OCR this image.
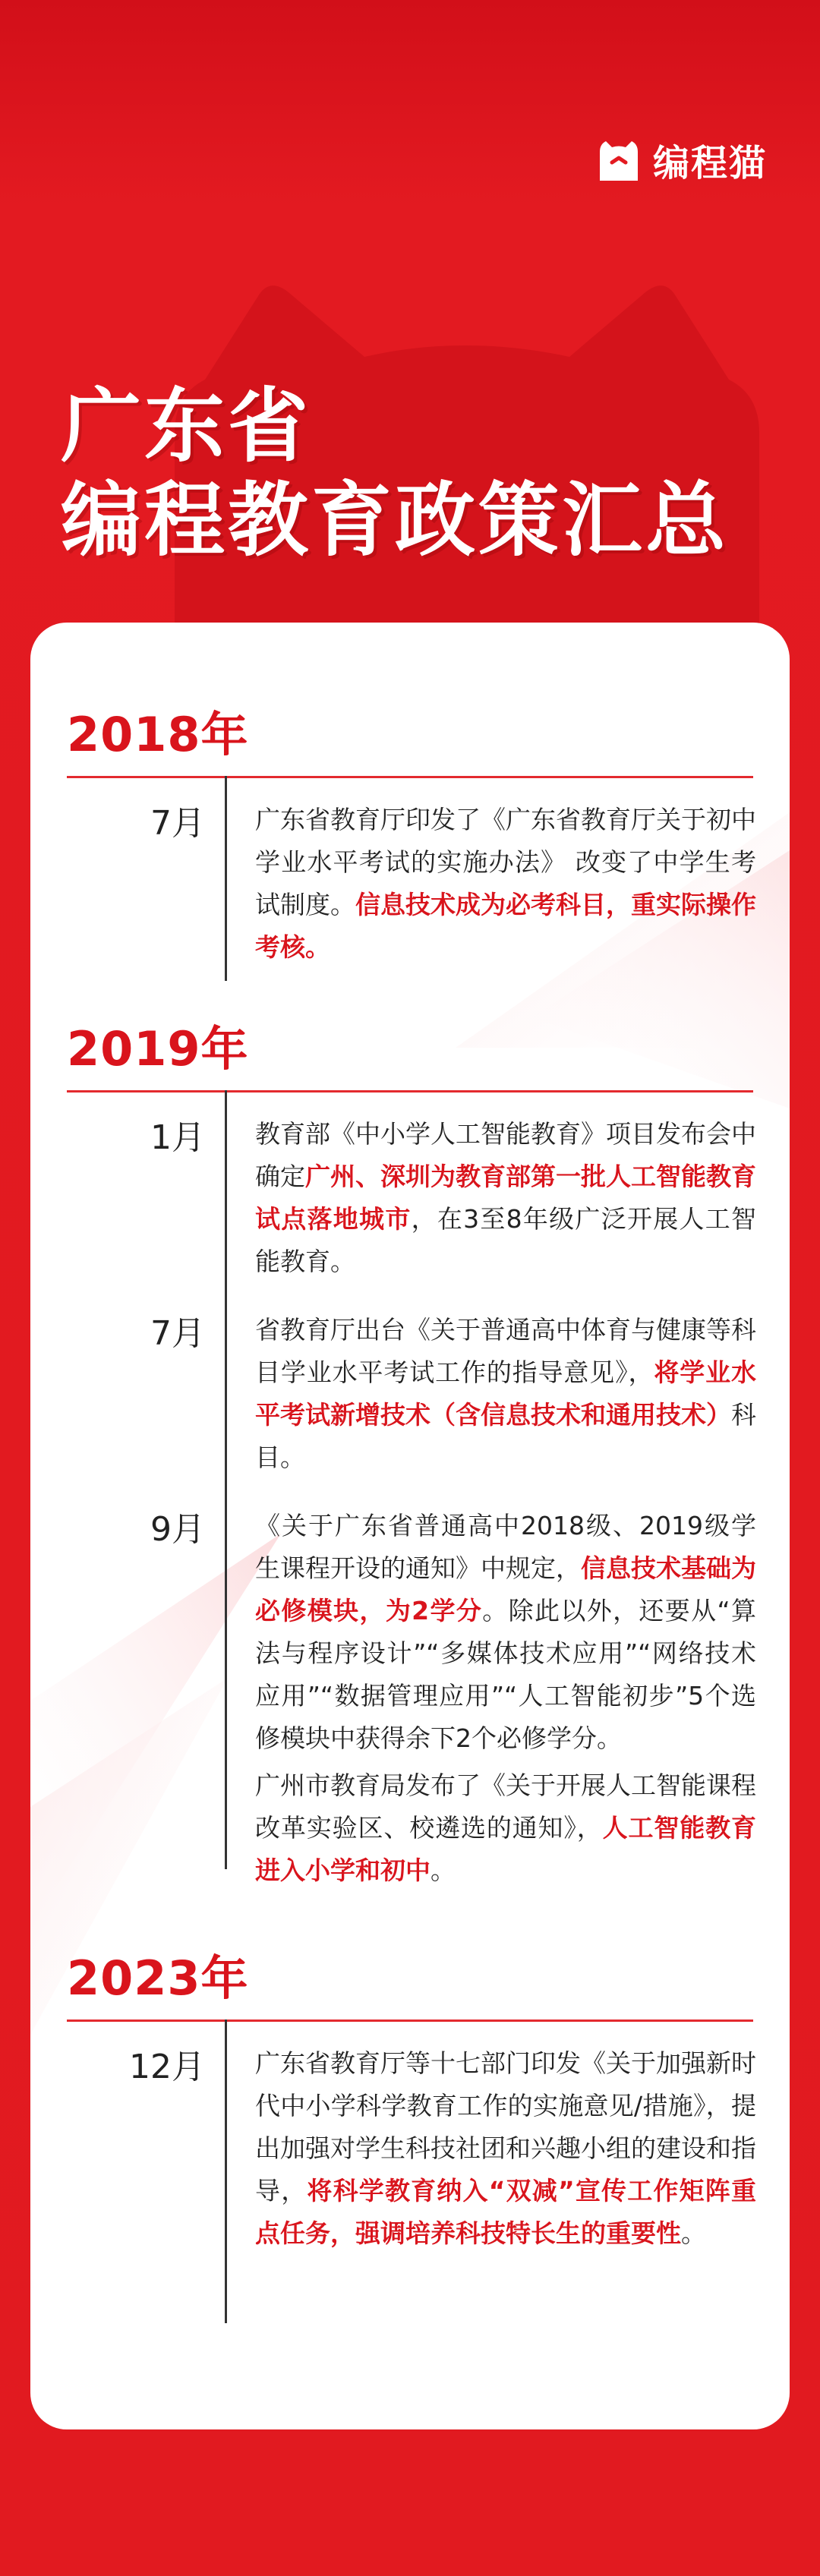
编程猫
广东省
编程教育政策汇总
2018年
7月 广东省教育厅印发了《广东省教育厅关于初中学业水平考试的实施办法》 改变了中学生考试制度。信息技术成为必考科目，重实际操作考核。
2019年
1月 教育部《中小学人工智能教育》项目发布会中确定广州、深圳为教育部第一批人工智能教育试点落地城市，在3至8年级广泛开展人工智能教育。
7月 省教育厅出台《关于普通高中体育与健康等科目学业水平考试工作的指导意见》，将学业水平考试新增技术（含信息技术和通用技术）科目。
9月 《关于广东省普通高中2018级、2019级学生课程开设的通知》中规定，信息技术基础为必修模块，为2学分。除此以外，还要从“算法与程序设计”“多媒体技术应用”“网络技术应用”“数据管理应用”“人工智能初步”5个选修模块中获得余下2个必修学分。
广州市教育局发布了《关于开展人工智能课程改革实验区、校遴选的通知》，人工智能教育进入小学和初中。
2023年
12月 广东省教育厅等十七部门印发《关于加强新时代中小学科学教育工作的实施意见/措施》，提出加强对学生科技社团和兴趣小组的建设和指导，将科学教育纳入“双减”宣传工作矩阵重点任务，强调培养科技特长生的重要性。
